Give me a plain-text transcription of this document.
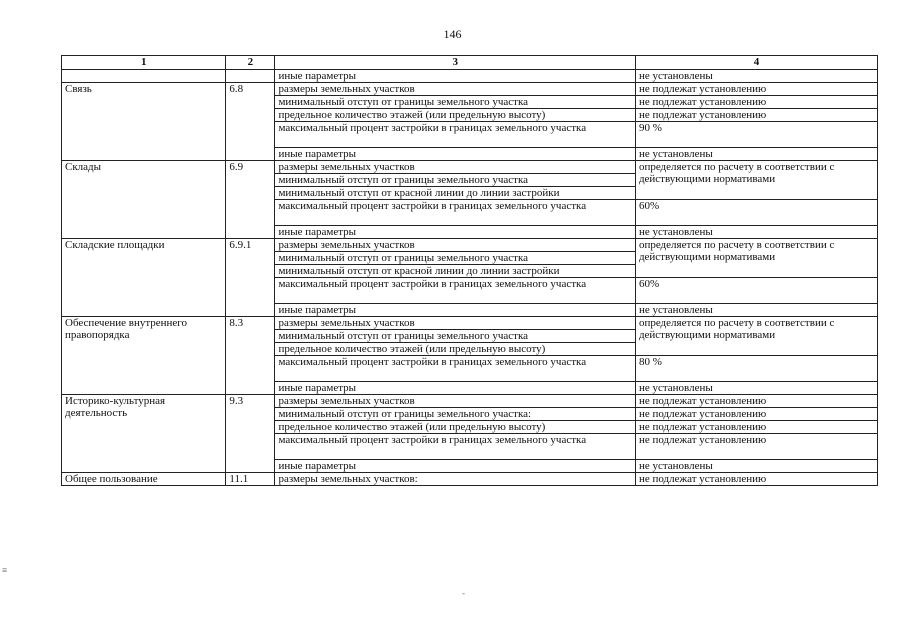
146
1	2	3	4
		иные параметры	не установлены
Связь	6.8	размеры земельных участков	не подлежат установлению
		минимальный отступ от границы земельного участка	не подлежат установлению
		предельное количество этажей (или предельную высоту)	не подлежат установлению
		максимальный процент застройки в границах земельного участка	90 %
		иные параметры	не установлены
Склады	6.9	размеры земельных участков	определяется по расчету в соответствии с действующими нормативами
		минимальный отступ от границы земельного участка	
		минимальный отступ от красной линии до линии застройки	
		максимальный процент застройки в границах земельного участка	60%
		иные параметры	не установлены
Складские площадки	6.9.1	размеры земельных участков	определяется по расчету в соответствии с действующими нормативами
		минимальный отступ от границы земельного участка	
		минимальный отступ от красной линии до линии застройки	
		максимальный процент застройки в границах земельного участка	60%
		иные параметры	не установлены
Обеспечение внутреннего правопорядка	8.3	размеры земельных участков	определяется по расчету в соответствии с действующими нормативами
		минимальный отступ от границы земельного участка	
		предельное количество этажей (или предельную высоту)	
		максимальный процент застройки в границах земельного участка	80 %
		иные параметры	не установлены
Историко-культурная деятельность	9.3	размеры земельных участков	не подлежат установлению
		минимальный отступ от границы земельного участка:	не подлежат установлению
		предельное количество этажей (или предельную высоту)	не подлежат установлению
		максимальный процент застройки в границах земельного участка	не подлежат установлению
		иные параметры	не установлены
Общее пользование	11.1	размеры земельных участков:	не подлежат установлению
≡
-
